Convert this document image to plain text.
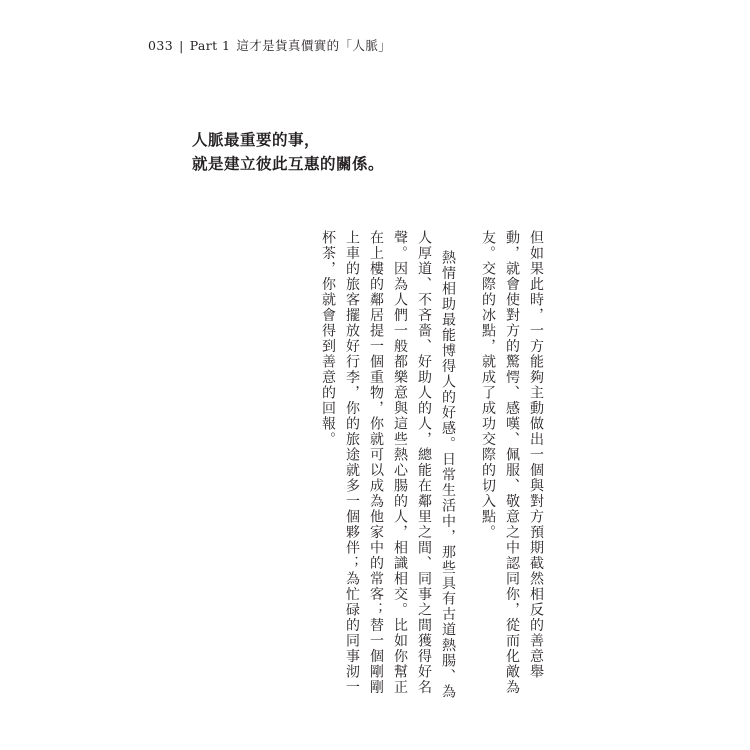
033 | Part 1 這才是貨真價實的「人脈」
人脈最重要的事，
就是建立彼此互惠的關係。

但如果此時，一方能夠主動做出一個與對方預期截然相反的善意舉動，就會使對方的驚愕、感嘆、佩服、敬意之中認同你，從而化敵為友。交際的冰點，就成了成功交際的切入點。

熱情相助最能博得人的好感。日常生活中，那些具有古道熱腸、為人厚道、不吝嗇、好助人的人，總能在鄰里之間、同事之間獲得好名聲。因為人們一般都樂意與這些熱心腸的人，相識相交。比如你幫正在上樓的鄰居提一個重物，你就可以成為他家中的常客；替一個剛剛上車的旅客擺放好行李，你的旅途就多一個夥伴；為忙碌的同事沏一杯茶，你就會得到善意的回報。
